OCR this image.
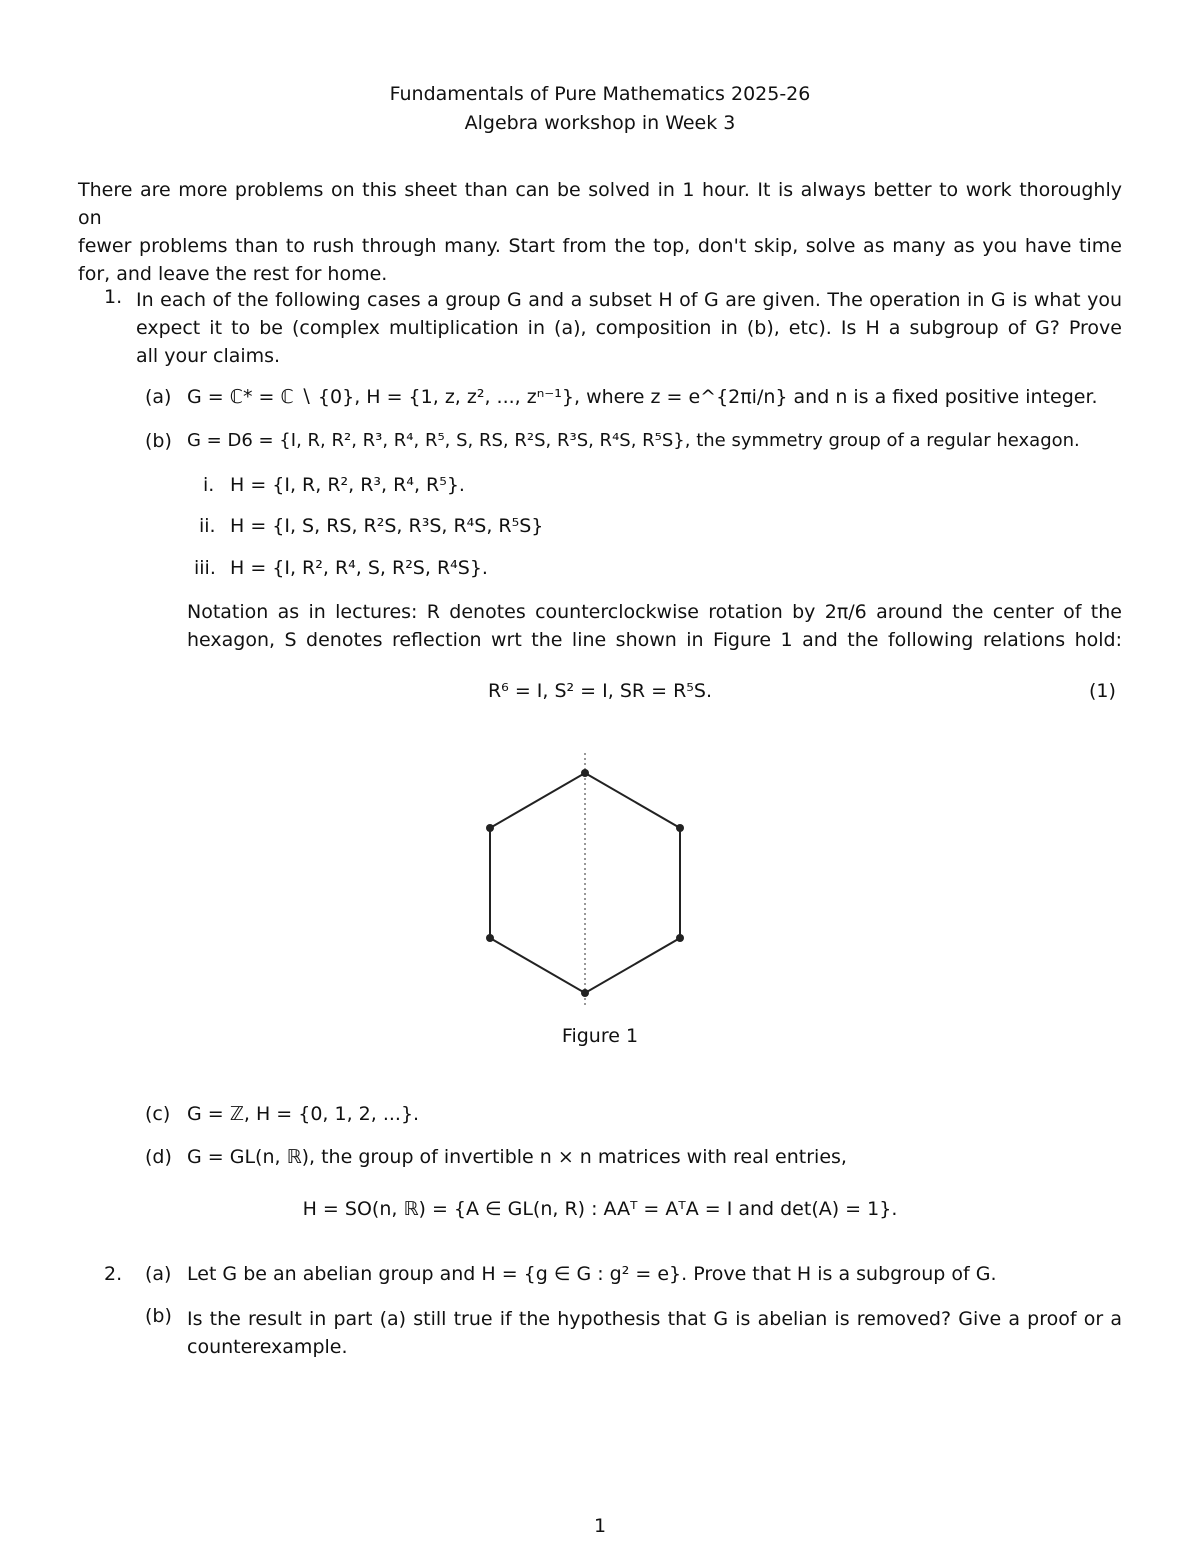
Fundamentals of Pure Mathematics 2025-26
Algebra workshop in Week 3
There are more problems on this sheet than can be solved in 1 hour. It is always better to work thoroughly on
fewer problems than to rush through many. Start from the top, don't skip, solve as many as you have time
for, and leave the rest for home.
1. In each of the following cases a group G and a subset H of G are given. The operation in G is what you
expect it to be (complex multiplication in (a), composition in (b), etc). Is H a subgroup of G? Prove
all your claims.
(a) G = ℂ* = ℂ ∖ {0}, H = {1, z, z², ..., zⁿ⁻¹}, where z = e^{2πi/n} and n is a fixed positive integer.
(b) G = D6 = {I, R, R², R³, R⁴, R⁵, S, RS, R²S, R³S, R⁴S, R⁵S}, the symmetry group of a regular hexagon.
i. H = {I, R, R², R³, R⁴, R⁵}.
ii. H = {I, S, RS, R²S, R³S, R⁴S, R⁵S}
iii. H = {I, R², R⁴, S, R²S, R⁴S}.
Notation as in lectures: R denotes counterclockwise rotation by 2π/6 around the center of the
hexagon, S denotes reflection wrt the line shown in Figure 1 and the following relations hold:
R⁶ = I, S² = I, SR = R⁵S.	(1)
Figure 1
(c) G = ℤ, H = {0, 1, 2, ...}.
(d) G = GL(n, ℝ), the group of invertible n × n matrices with real entries,
H = SO(n, ℝ) = {A ∈ GL(n, R) : AAᵀ = AᵀA = I and det(A) = 1}.
2. (a) Let G be an abelian group and H = {g ∈ G : g² = e}. Prove that H is a subgroup of G.
(b) Is the result in part (a) still true if the hypothesis that G is abelian is removed? Give a proof or a
counterexample.
1
